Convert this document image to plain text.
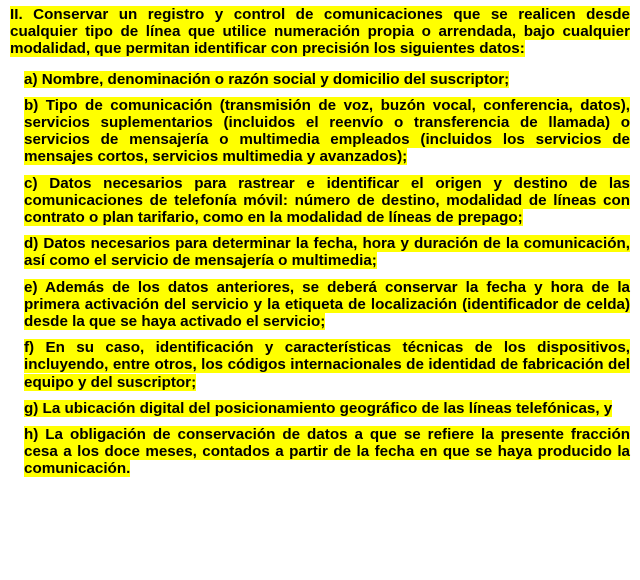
II. Conservar un registro y control de comunicaciones que se realicen desde cualquier tipo de línea que utilice numeración propia o arrendada, bajo cualquier modalidad, que permitan identificar con precisión los siguientes datos:

a) Nombre, denominación o razón social y domicilio del suscriptor;

b) Tipo de comunicación (transmisión de voz, buzón vocal, conferencia, datos), servicios suplementarios (incluidos el reenvío o transferencia de llamada) o servicios de mensajería o multimedia empleados (incluidos los servicios de mensajes cortos, servicios multimedia y avanzados);

c) Datos necesarios para rastrear e identificar el origen y destino de las comunicaciones de telefonía móvil: número de destino, modalidad de líneas con contrato o plan tarifario, como en la modalidad de líneas de prepago;

d) Datos necesarios para determinar la fecha, hora y duración de la comunicación, así como el servicio de mensajería o multimedia;

e) Además de los datos anteriores, se deberá conservar la fecha y hora de la primera activación del servicio y la etiqueta de localización (identificador de celda) desde la que se haya activado el servicio;

f) En su caso, identificación y características técnicas de los dispositivos, incluyendo, entre otros, los códigos internacionales de identidad de fabricación del equipo y del suscriptor;

g) La ubicación digital del posicionamiento geográfico de las líneas telefónicas, y

h) La obligación de conservación de datos a que se refiere la presente fracción cesa a los doce meses, contados a partir de la fecha en que se haya producido la comunicación.
